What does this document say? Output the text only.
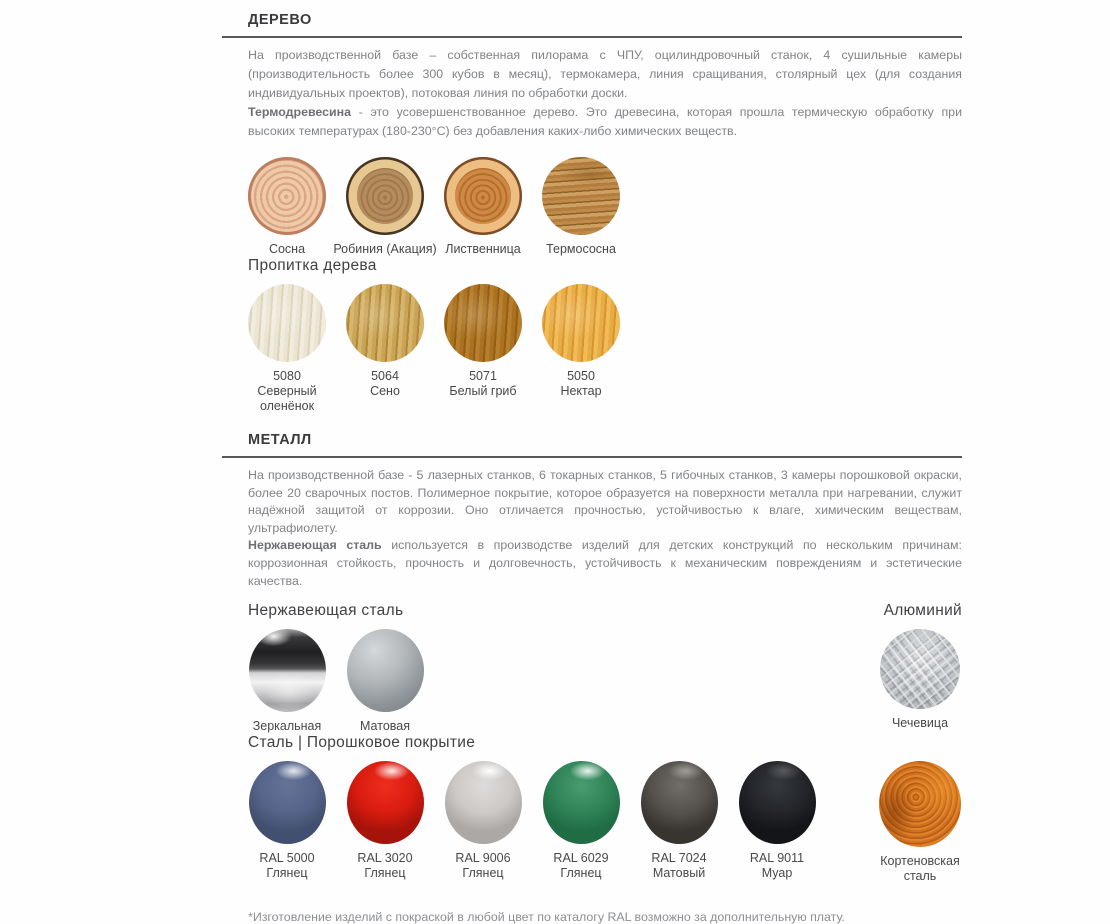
ДЕРЕВО

На производственной базе – собственная пилорама с ЧПУ, оцилиндровочный станок, 4 сушильные камеры (производительность более 300 кубов в месяц), термокамера, линия сращивания, столярный цех (для создания индивидуальных проектов), потоковая линия по обработки доски.

Термодревесина - это усовершенствованное дерево. Это древесина, которая прошла термическую обработку при высоких температурах (180-230°C) без добавления каких-либо химических веществ.

Сосна Робиния (Акация) Лиственница Термососна
Пропитка дерева
5080
Северный оленёнок
5064
Сено
5071
Белый гриб
5050
Нектар
МЕТАЛЛ

На производственной базе - 5 лазерных станков, 6 токарных станков, 5 гибочных станков, 3 камеры порошковой окраски, более 20 сварочных постов. Полимерное покрытие, которое образуется на поверхности металла при нагревании, служит надёжной защитой от коррозии. Оно отличается прочностью, устойчивостью к влаге, химическим веществам, ультрафиолету.

Нержавеющая сталь используется в производстве изделий для детских конструкций по нескольким причинам: коррозионная стойкость, прочность и долговечность, устойчивость к механическим повреждениям и эстетические качества.

Нержавеющая сталь	Алюминий
Зеркальная	Матовая	Чечевица
Сталь | Порошковое покрытие
RAL 5000
Глянец
RAL 3020
Глянец
RAL 9006
Глянец
RAL 6029
Глянец
RAL 7024
Матовый
RAL 9011
Муар
Кортеновская сталь
*Изготовление изделий с покраской в любой цвет по каталогу RAL возможно за дополнительную плату.
